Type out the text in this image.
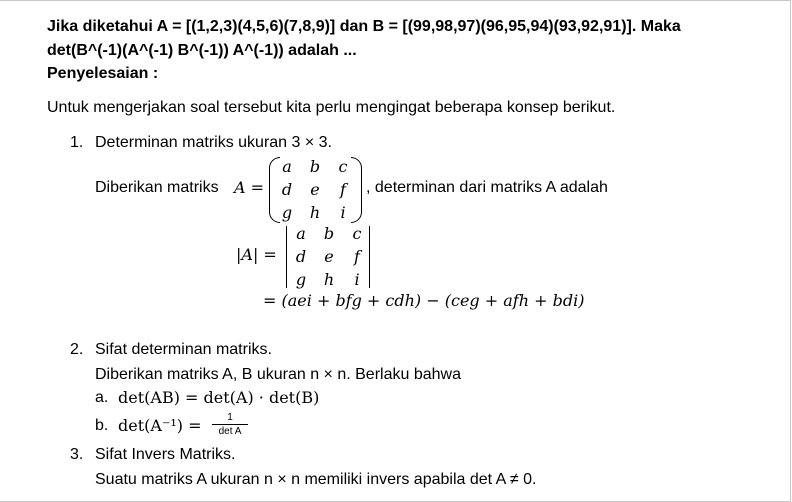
Jika diketahui A = [(1,2,3)(4,5,6)(7,8,9)] dan B = [(99,98,97)(96,95,94)(93,92,91)]. Maka
det(B^(-1)(A^(-1) B^(-1)) A^(-1)) adalah ...
Penyelesaian :
Untuk mengerjakan soal tersebut kita perlu mengingat beberapa konsep berikut.
1. Determinan matriks ukuran 3 × 3.
Diberikan matriks A =
a	b	c
d	e	f
g	h	i
, determinan dari matriks A adalah
|A| =
a	b	c
d	e	f
g	h	i
= (aei + bfg + cdh) − (ceg + afh + bdi)
2. Sifat determinan matriks.
Diberikan matriks A, B ukuran n × n. Berlaku bahwa
a. det(AB) = det(A) · det(B)
b. det(A⁻¹) =	1
det A
3. Sifat Invers Matriks.
Suatu matriks A ukuran n × n memiliki invers apabila det A ≠ 0.
